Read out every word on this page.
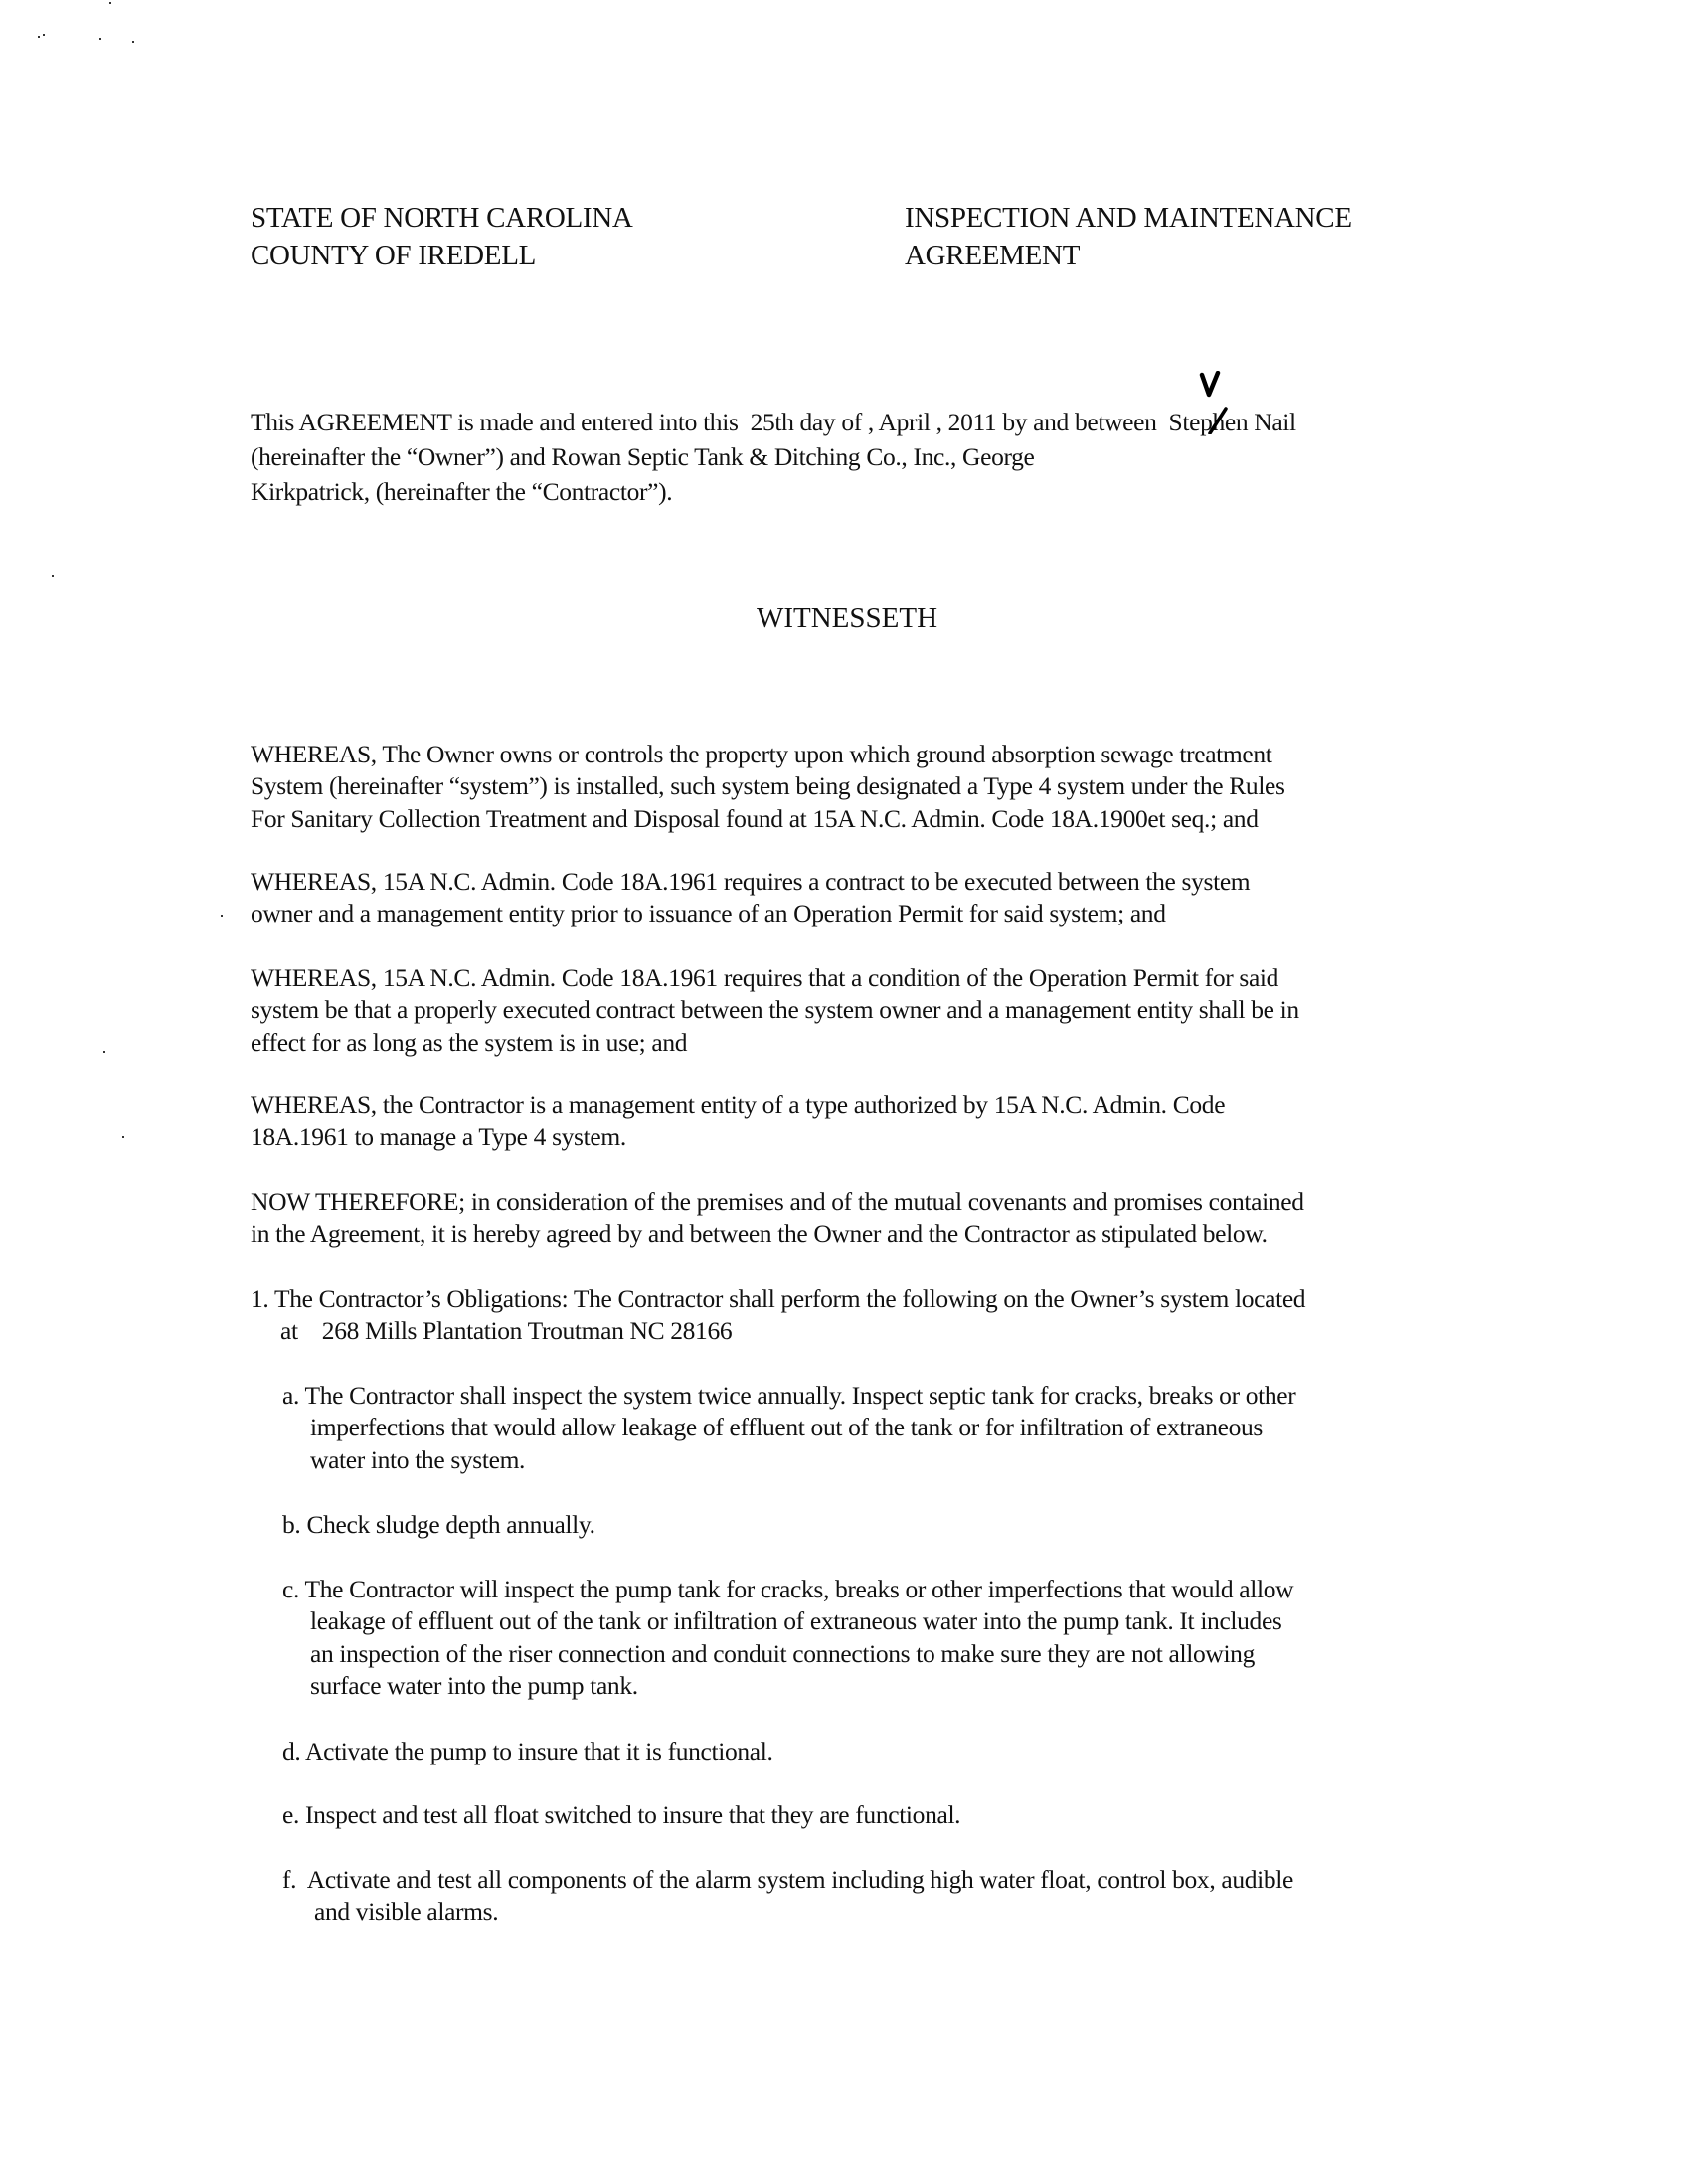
STATE OF NORTH CAROLINA
COUNTY OF IREDELL
INSPECTION AND MAINTENANCE
AGREEMENT
This AGREEMENT is made and entered into this  25th day of , April , 2011 by and between  Stephen
Nail
(hereinafter the “Owner”) and Rowan Septic Tank & Ditching Co., Inc., George
Kirkpatrick, (hereinafter the “Contractor”).
WITNESSETH
WHEREAS, The Owner owns or controls the property upon which ground absorption sewage treatment
System (hereinafter “system”) is installed, such system being designated a Type 4 system under the Rules
For Sanitary Collection Treatment and Disposal found at 15A N.C. Admin. Code 18A.1900et seq.; and
WHEREAS, 15A N.C. Admin. Code 18A.1961 requires a contract to be executed between the system
owner and a management entity prior to issuance of an Operation Permit for said system; and
WHEREAS, 15A N.C. Admin. Code 18A.1961 requires that a condition of the Operation Permit for said
system be that a properly executed contract between the system owner and a management entity shall be in
effect for as long as the system is in use; and
WHEREAS, the Contractor is a management entity of a type authorized by 15A N.C. Admin. Code
18A.1961 to manage a Type 4 system.
NOW THEREFORE; in consideration of the premises and of the mutual covenants and promises contained
in the Agreement, it is hereby agreed by and between the Owner and the Contractor as stipulated below.
1. The Contractor’s Obligations: The Contractor shall perform the following on the Owner’s system located
at    268 Mills Plantation Troutman NC 28166
a. The Contractor shall inspect the system twice annually. Inspect septic tank for cracks, breaks or other
imperfections that would allow leakage of effluent out of the tank or for infiltration of extraneous
water into the system.
b. Check sludge depth annually.
c. The Contractor will inspect the pump tank for cracks, breaks or other imperfections that would allow
leakage of effluent out of the tank or infiltration of extraneous water into the pump tank. It includes
an inspection of the riser connection and conduit connections to make sure they are not allowing
surface water into the pump tank.
d. Activate the pump to insure that it is functional.
e. Inspect and test all float switched to insure that they are functional.
f.  Activate and test all components of the alarm system including high water float, control box, audible
and visible alarms.
